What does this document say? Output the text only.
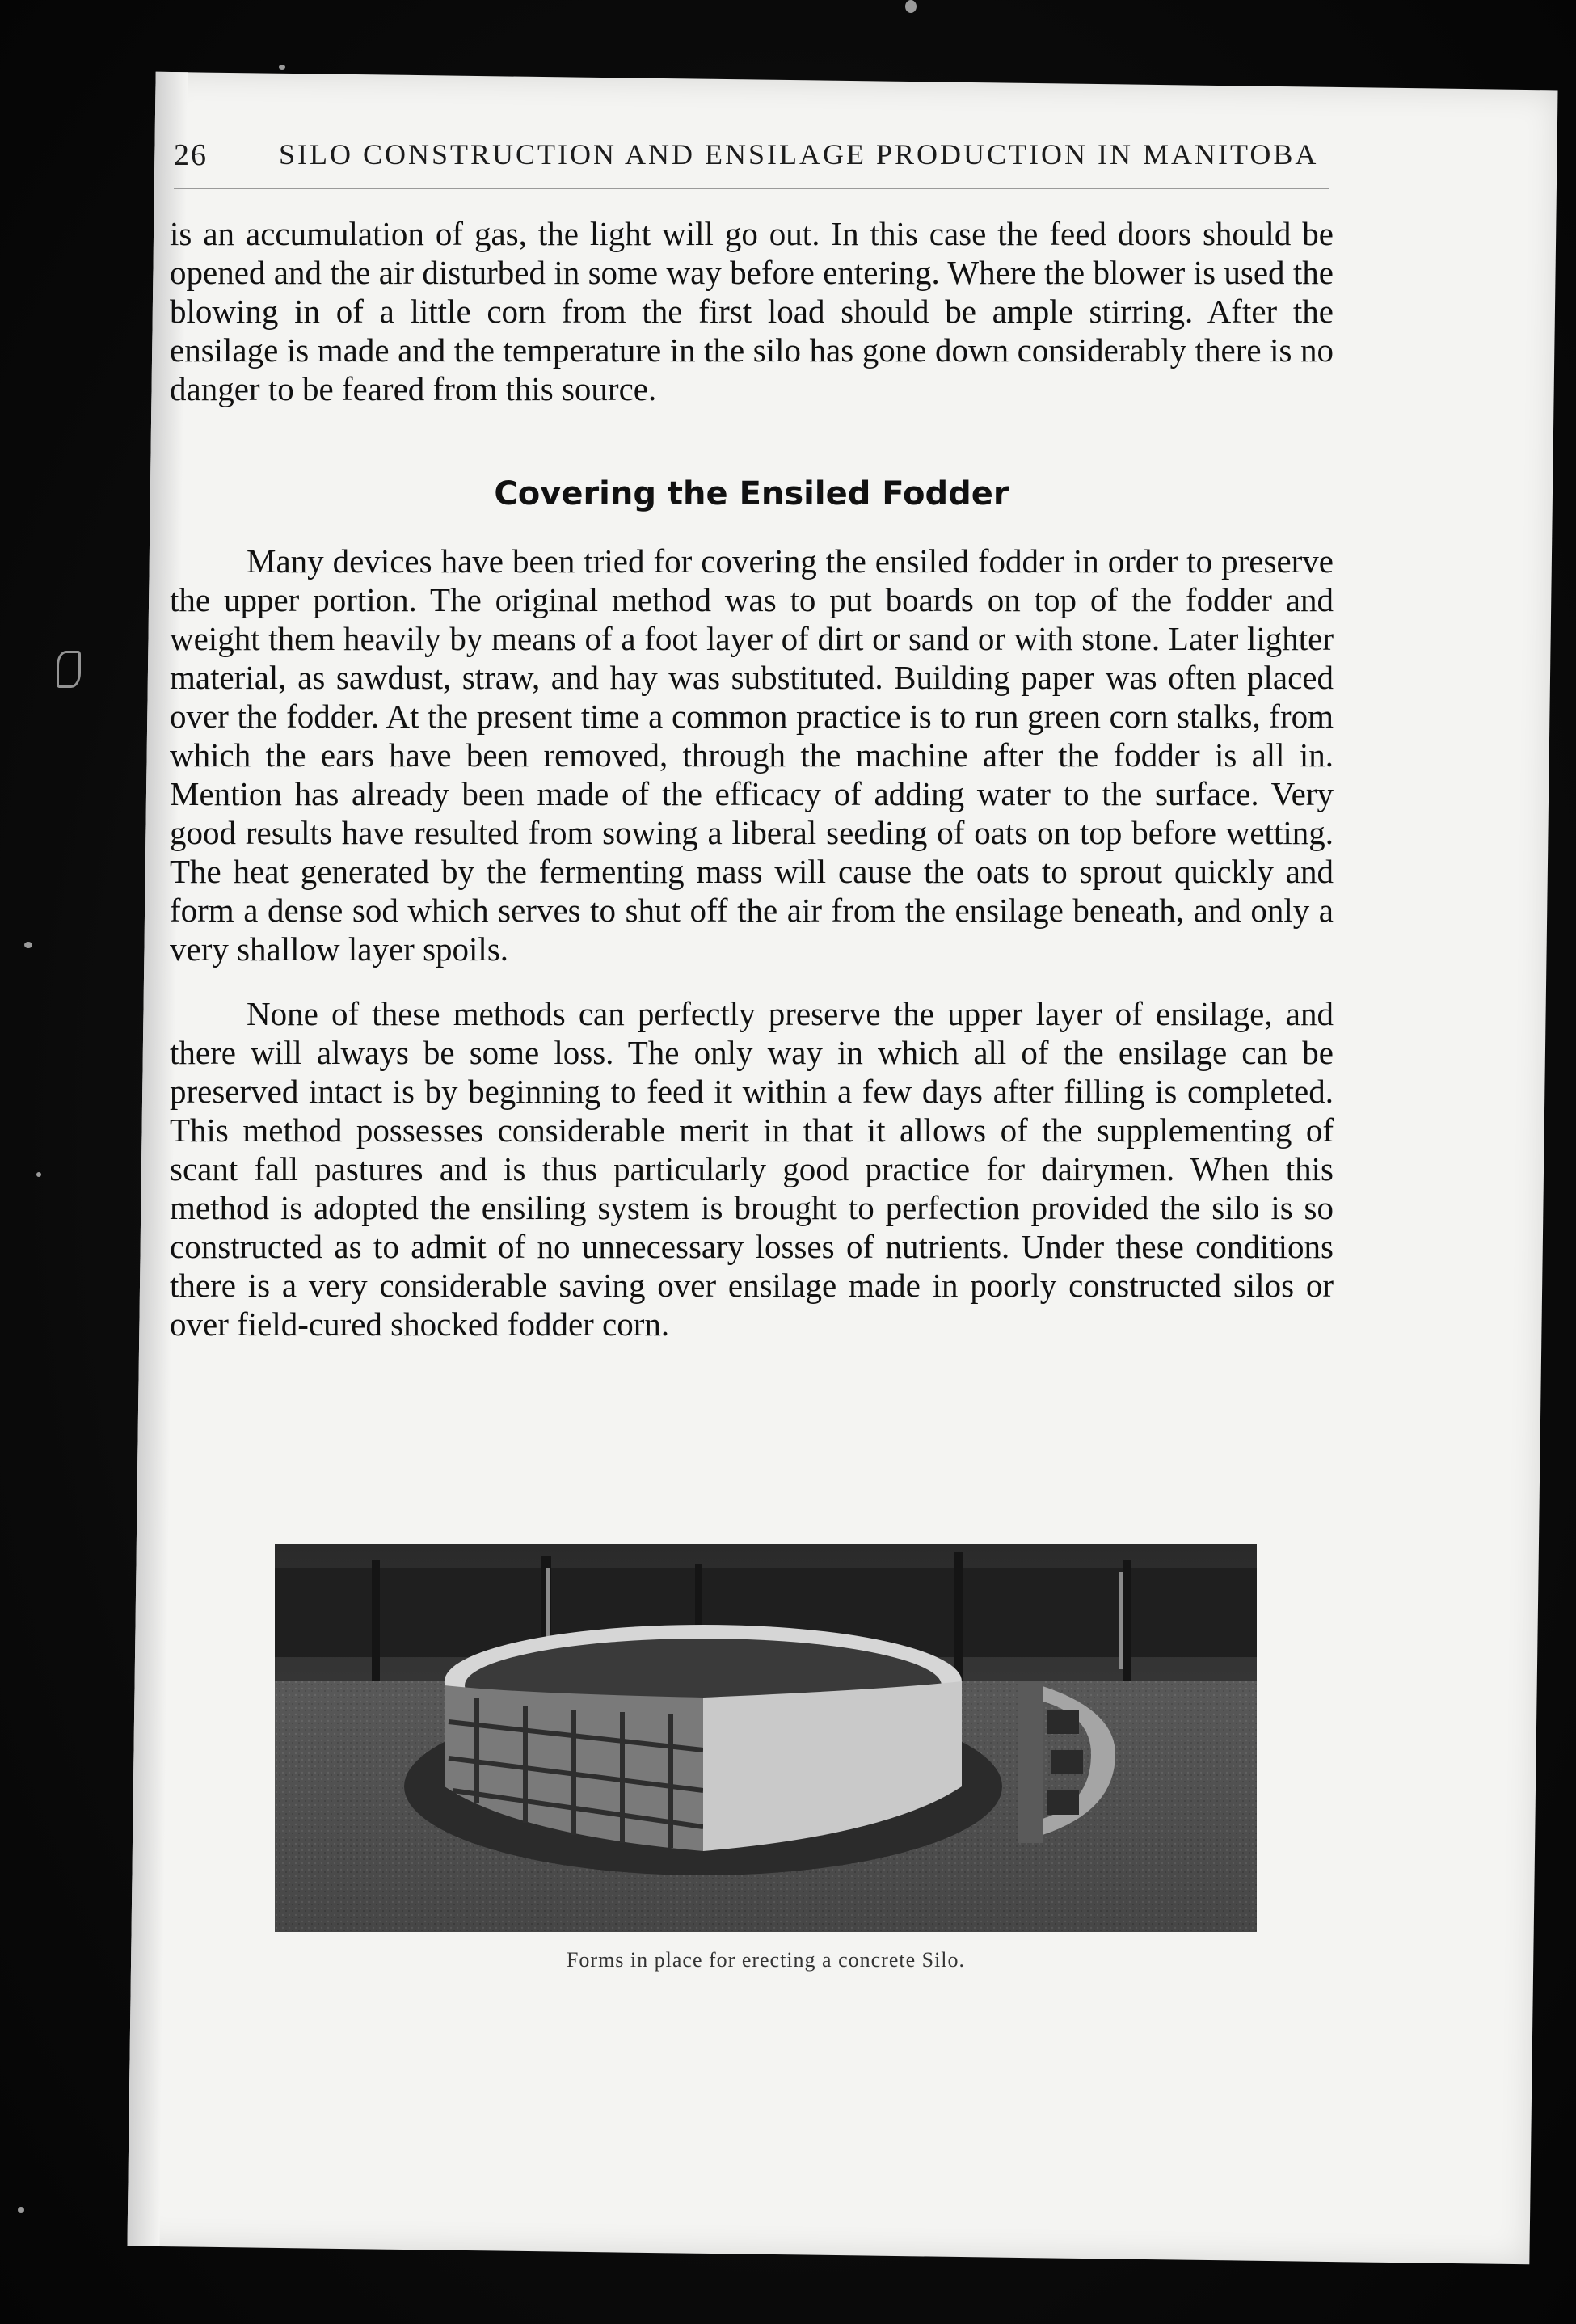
26 SILO CONSTRUCTION AND ENSILAGE PRODUCTION IN MANITOBA
is an accumulation of gas, the light will go out. In this case the feed doors should be opened and the air disturbed in some way before entering. Where the blower is used the blowing in of a little corn from the first load should be ample stirring. After the ensilage is made and the temperature in the silo has gone down considerably there is no danger to be feared from this source.
Covering the Ensiled Fodder
Many devices have been tried for covering the ensiled fodder in order to preserve the upper portion. The original method was to put boards on top of the fodder and weight them heavily by means of a foot layer of dirt or sand or with stone. Later lighter material, as sawdust, straw, and hay was substituted. Building paper was often placed over the fodder. At the present time a common practice is to run green corn stalks, from which the ears have been removed, through the machine after the fodder is all in. Mention has already been made of the efficacy of adding water to the surface. Very good results have resulted from sowing a liberal seeding of oats on top before wetting. The heat generated by the fermenting mass will cause the oats to sprout quickly and form a dense sod which serves to shut off the air from the ensilage beneath, and only a very shallow layer spoils.
None of these methods can perfectly preserve the upper layer of ensilage, and there will always be some loss. The only way in which all of the ensilage can be preserved intact is by beginning to feed it within a few days after filling is completed. This method possesses considerable merit in that it allows of the supplementing of scant fall pastures and is thus particularly good practice for dairymen. When this method is adopted the ensiling system is brought to perfection provided the silo is so constructed as to admit of no unnecessary losses of nutrients. Under these conditions there is a very considerable saving over ensilage made in poorly constructed silos or over field-cured shocked fodder corn.
Forms in place for erecting a concrete Silo.
